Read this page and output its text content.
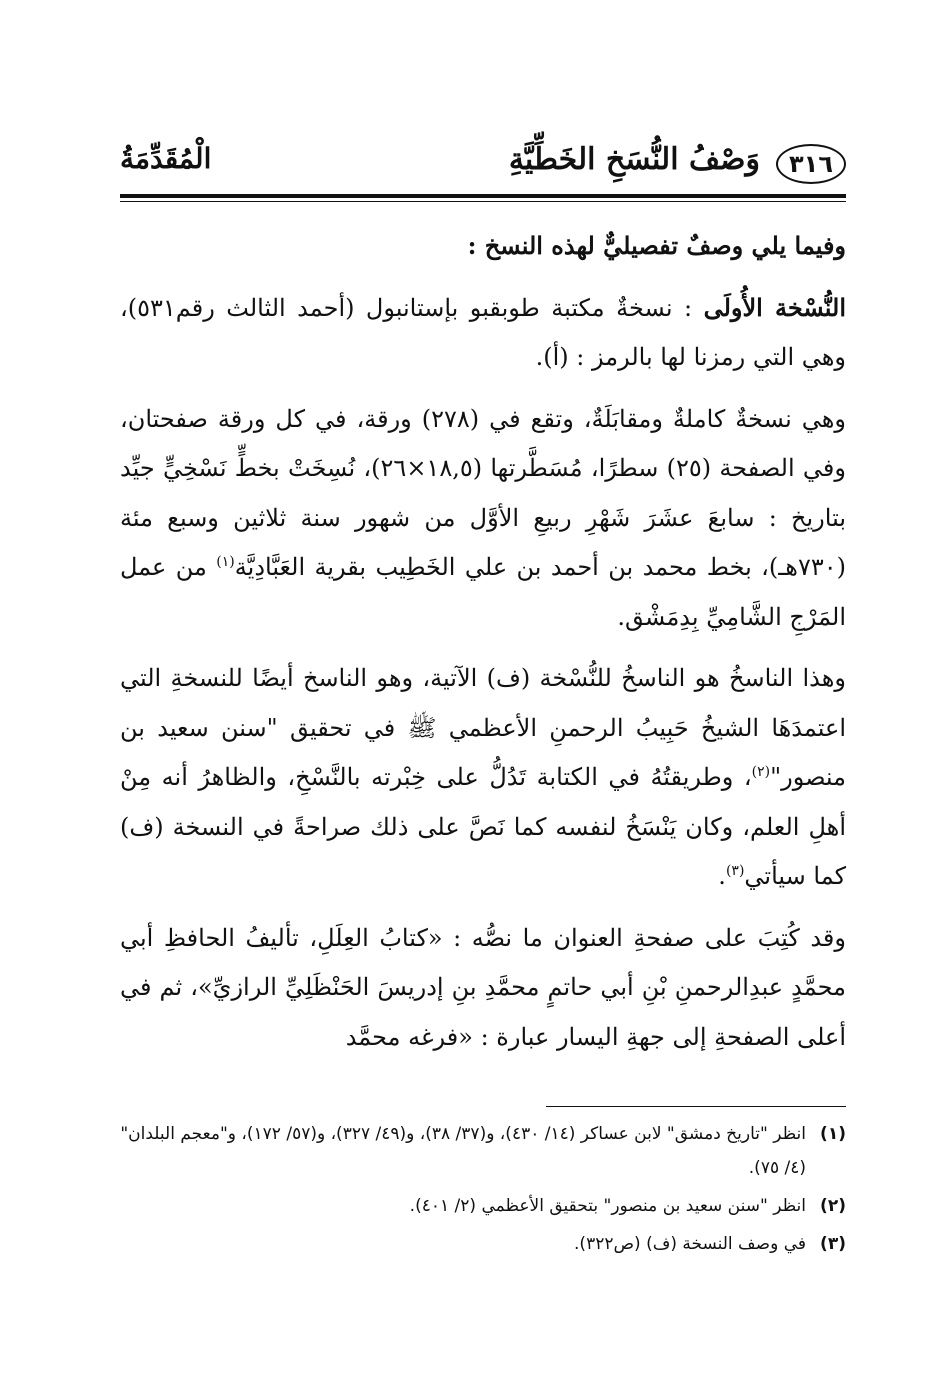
٣١٦
وَصْفُ النُّسَخِ الخَطِّيَّةِ
الْمُقَدِّمَةُ

وفيما يلي وصفٌ تفصيليٌّ لهذه النسخ :

النُّسْخة الأُولَى : نسخةٌ مكتبة طوبقبو بإستانبول (أحمد الثالث رقم٥٣١)، وهي التي رمزنا لها بالرمز : (أ).

وهي نسخةٌ كاملةٌ ومقابَلَةٌ، وتقع في (٢٧٨) ورقة، في كل ورقة صفحتان، وفي الصفحة (٢٥) سطرًا، مُسَطَّرتها (١٨,٥×٢٦)، نُسِخَتْ بخطٍّ نَسْخِيٍّ جيِّد بتاريخ : سابعَ عشَرَ شَهْرِ ربيعِ الأوَّل من شهور سنة ثلاثين وسبع مئة (٧٣٠هـ)، بخط محمد بن أحمد بن علي الخَطِيب بقرية العَبَّادِيَّة$^{(١)}$ من عمل المَرْجِ الشَّامِيِّ بِدِمَشْق.

وهذا الناسخُ هو الناسخُ للنُّسْخة (ف) الآتية، وهو الناسخ أيضًا للنسخةِ التي اعتمدَهَا الشيخُ حَبِيبُ الرحمنِ الأعظمي ﷺ في تحقيق "سنن سعيد بن منصور"$^{(٢)}$، وطريقتُهُ في الكتابة تَدُلُّ على خِبْرته بالنَّسْخِ، والظاهرُ أنه مِنْ أهلِ العلم، وكان يَنْسَخُ لنفسه كما نَصَّ على ذلك صراحةً في النسخة (ف) كما سيأتي$^{(٣)}$.

وقد كُتِبَ على صفحةِ العنوان ما نصُّه : «كتابُ العِلَلِ، تأليفُ الحافظِ أبي محمَّدٍ عبدِالرحمنِ بْنِ أبي حاتمٍ محمَّدِ بنِ إدريسَ الحَنْظَلِيِّ الرازيِّ»، ثم في أعلى الصفحةِ إلى جهةِ اليسار عبارة : «فرغه محمَّد

(١)
انظر "تاريخ دمشق" لابن عساكر (١٤/ ٤٣٠)، و(٣٧/ ٣٨)، و(٤٩/ ٣٢٧)، و(٥٧/ ١٧٢)، و"معجم البلدان" (٤/ ٧٥).
(٢)
انظر "سنن سعيد بن منصور" بتحقيق الأعظمي (٢/ ٤٠١).
(٣)
في وصف النسخة (ف) (ص٣٢٢).
